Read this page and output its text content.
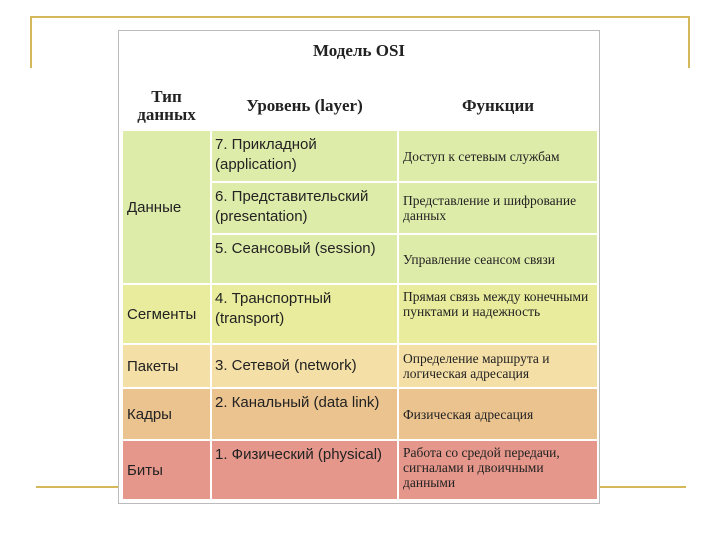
Модель OSI
Тип данных	Уровень (layer)	Функции
Данные
Сегменты
Пакеты
Кадры
Биты
7. Прикладной (application)
6. Представительский (presentation)
5. Сеансовый (session)
4. Транспортный (transport)
3. Сетевой (network)
2. Канальный (data link)
1. Физический (physical)
Доступ к сетевым службам
Представление и шифрование данных
Управление сеансом связи
Прямая связь между конечными пунктами и надежность
Определение маршрута и логическая адресация
Физическая адресация
Работа со средой передачи, сигналами и двоичными данными
